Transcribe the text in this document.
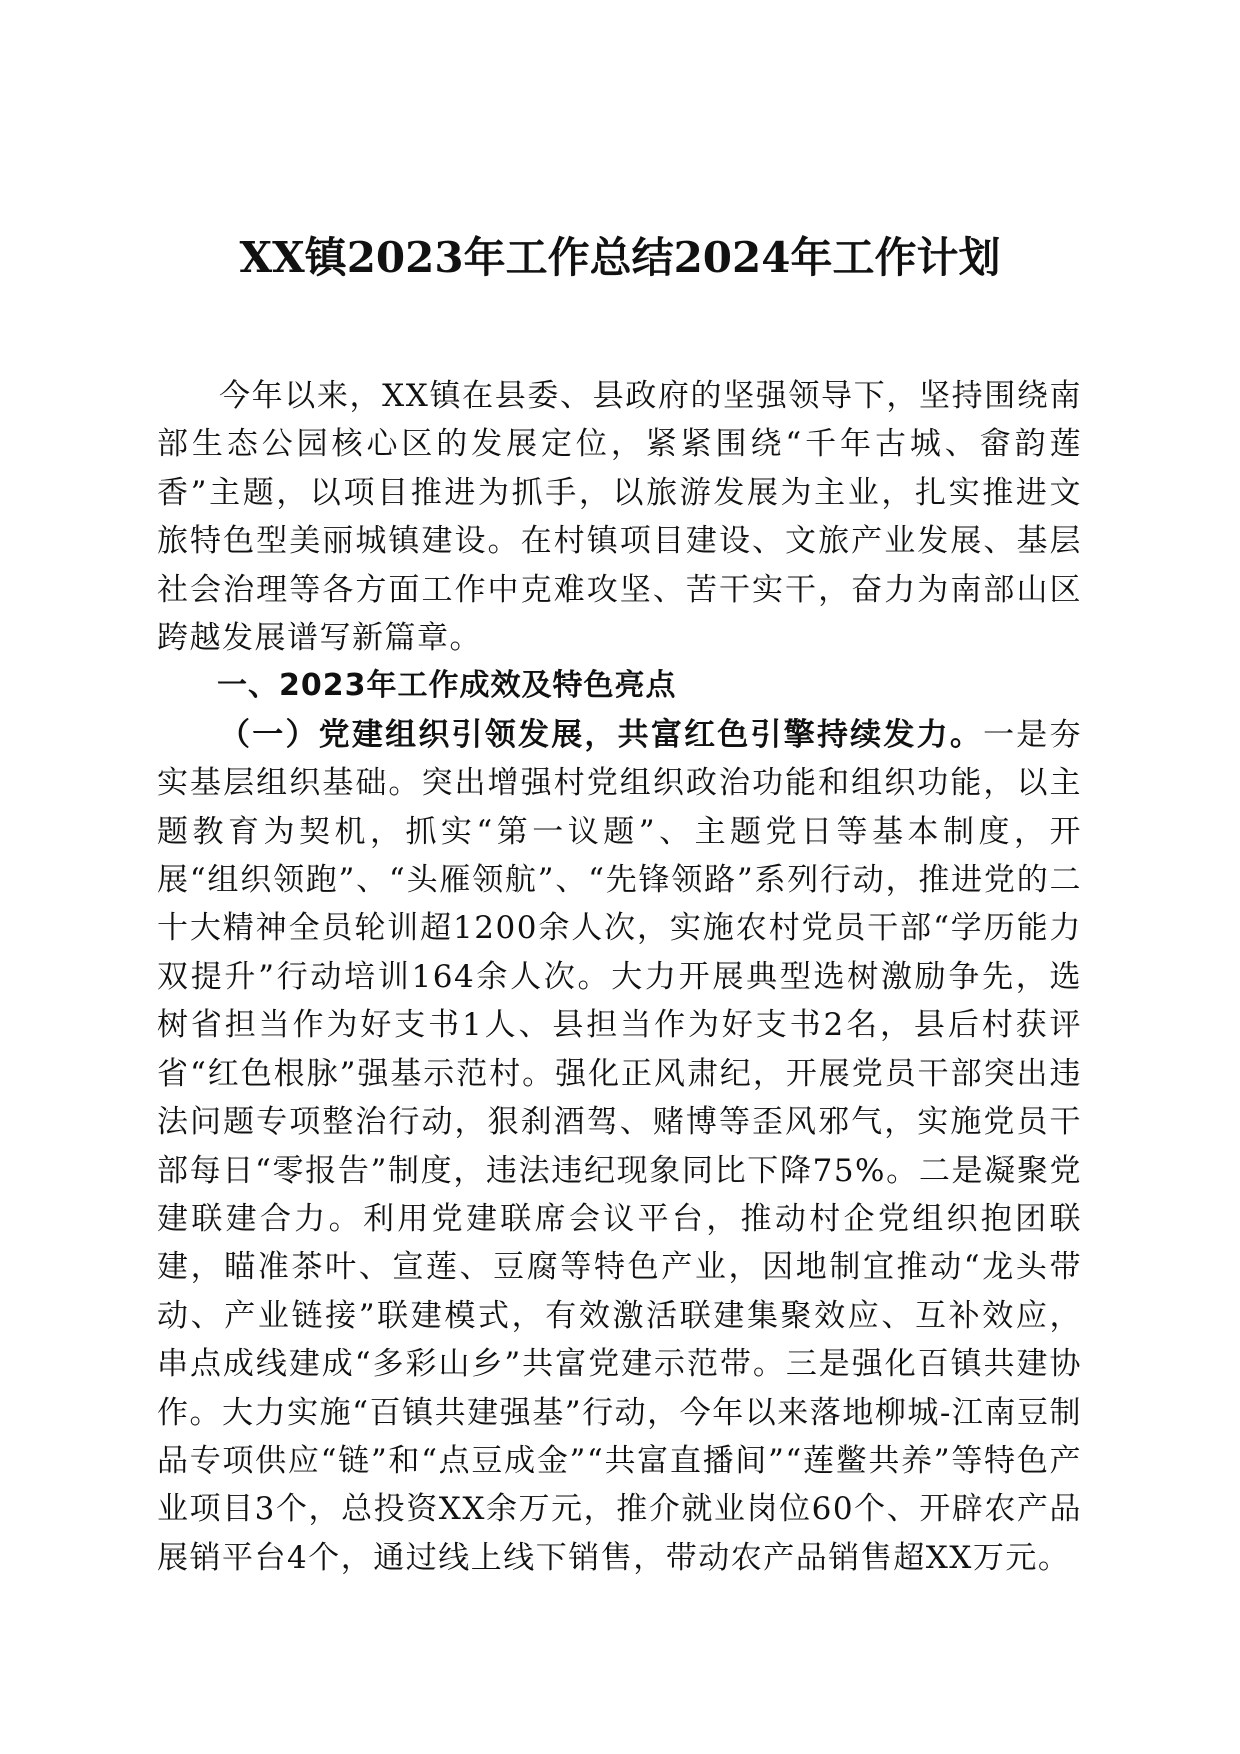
XX镇2023年工作总结2024年工作计划

今年以来，XX镇在县委、县政府的坚强领导下，坚持围绕南部生态公园核心区的发展定位，紧紧围绕“千年古城、畲韵莲香”主题，以项目推进为抓手，以旅游发展为主业，扎实推进文旅特色型美丽城镇建设。在村镇项目建设、文旅产业发展、基层社会治理等各方面工作中克难攻坚、苦干实干，奋力为南部山区跨越发展谱写新篇章。

一、2023年工作成效及特色亮点

（一）党建组织引领发展，共富红色引擎持续发力。一是夯实基层组织基础。突出增强村党组织政治功能和组织功能，以主题教育为契机，抓实“第一议题”、主题党日等基本制度，开展“组织领跑”、“头雁领航”、“先锋领路”系列行动，推进党的二十大精神全员轮训超1200余人次，实施农村党员干部“学历能力双提升”行动培训164余人次。大力开展典型选树激励争先，选树省担当作为好支书1人、县担当作为好支书2名，县后村获评省“红色根脉”强基示范村。强化正风肃纪，开展党员干部突出违法问题专项整治行动，狠刹酒驾、赌博等歪风邪气，实施党员干部每日“零报告”制度，违法违纪现象同比下降75%。二是凝聚党建联建合力。利用党建联席会议平台，推动村企党组织抱团联建，瞄准茶叶、宣莲、豆腐等特色产业，因地制宜推动“龙头带动、产业链接”联建模式，有效激活联建集聚效应、互补效应，串点成线建成“多彩山乡”共富党建示范带。三是强化百镇共建协作。大力实施“百镇共建强基”行动，今年以来落地柳城-江南豆制品专项供应“链”和“点豆成金”“共富直播间”“莲鳖共养”等特色产业项目3个，总投资XX余万元，推介就业岗位60个、开辟农产品展销平台4个，通过线上线下销售，带动农产品销售超XX万元。
